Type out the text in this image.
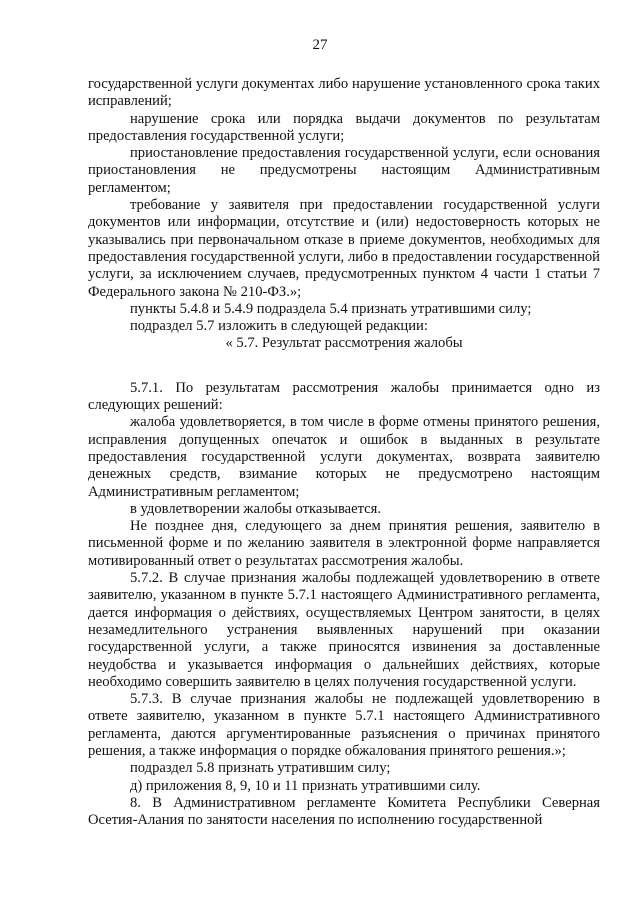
27

государственной услуги документах либо нарушение установленного срока таких исправлений;

нарушение срока или порядка выдачи документов по результатам предоставления государственной услуги;

приостановление предоставления государственной услуги, если основания приостановления не предусмотрены настоящим Административным регламентом;

требование у заявителя при предоставлении государственной услуги документов или информации, отсутствие и (или) недостоверность которых не указывались при первоначальном отказе в приеме документов, необходимых для предоставления государственной услуги, либо в предоставлении государственной услуги, за исключением случаев, предусмотренных пунктом 4 части 1 статьи 7 Федерального закона № 210-ФЗ.»;

пункты 5.4.8 и 5.4.9 подраздела 5.4 признать утратившими силу;

подраздел 5.7 изложить в следующей редакции:

« 5.7. Результат рассмотрения жалобы

5.7.1. По результатам рассмотрения жалобы принимается одно из следующих решений:

жалоба удовлетворяется, в том числе в форме отмены принятого решения, исправления допущенных опечаток и ошибок в выданных в результате предоставления государственной услуги документах, возврата заявителю денежных средств, взимание которых не предусмотрено настоящим Административным регламентом;

в удовлетворении жалобы отказывается.

Не позднее дня, следующего за днем принятия решения, заявителю в письменной форме и по желанию заявителя в электронной форме направляется мотивированный ответ о результатах рассмотрения жалобы.

5.7.2. В случае признания жалобы подлежащей удовлетворению в ответе заявителю, указанном в пункте 5.7.1 настоящего Административного регламента, дается информация о действиях, осуществляемых Центром занятости, в целях незамедлительного устранения выявленных нарушений при оказании государственной услуги, а также приносятся извинения за доставленные неудобства и указывается информация о дальнейших действиях, которые необходимо совершить заявителю в целях получения государственной услуги.

5.7.3. В случае признания жалобы не подлежащей удовлетворению в ответе заявителю, указанном в пункте 5.7.1 настоящего Административного регламента, даются аргументированные разъяснения о причинах принятого решения, а также информация о порядке обжалования принятого решения.»;

подраздел 5.8 признать утратившим силу;

д) приложения 8, 9, 10 и 11 признать утратившими силу.

8. В Административном регламенте Комитета Республики Северная Осетия-Алания по занятости населения по исполнению государственной
